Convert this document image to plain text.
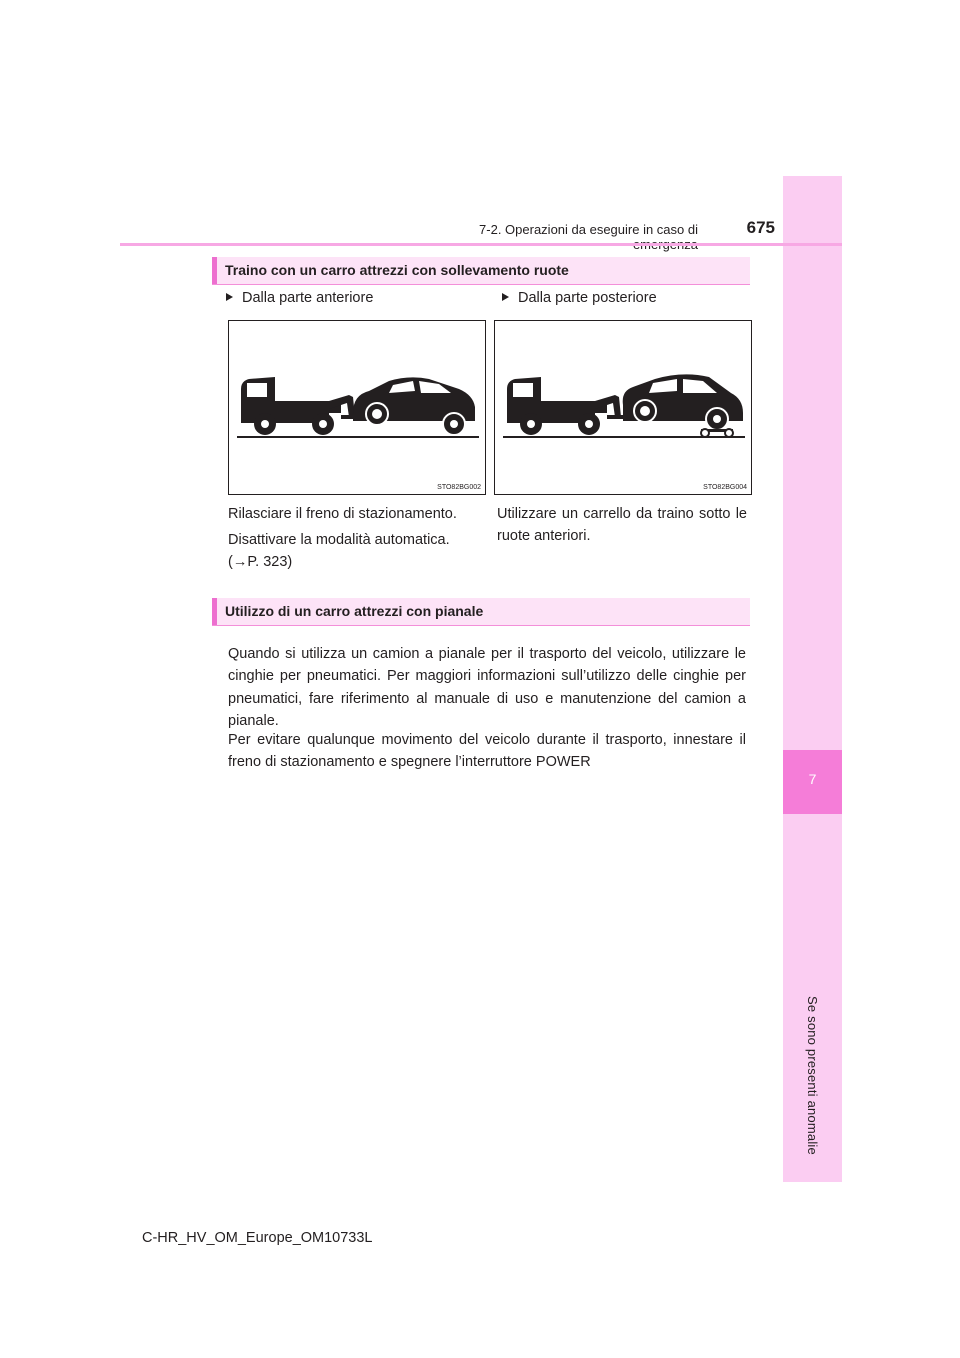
7
Se sono presenti anomalie
7-2. Operazioni da eseguire in caso di	675
Traino con un carro attrezzi con sollevamento ruote
Dalla parte anteriore	Dalla parte posteriore
STO82BG002	STO82BG004
Rilasciare il freno di stazionamento.
Disattivare la modalità automatica.
(→P. 323)
Utilizzare un carrello da traino sotto le ruote anteriori.
Utilizzo di un carro attrezzi con pianale
Quando si utilizza un camion a pianale per il trasporto del veicolo, utilizzare le cinghie per pneumatici. Per maggiori informazioni sull’utilizzo delle cinghie per pneumatici, fare riferimento al manuale di uso e manutenzione del camion a pianale.
Per evitare qualunque movimento del veicolo durante il trasporto, innestare il freno di stazionamento e spegnere l’interruttore POWER
C-HR_HV_OM_Europe_OM10733L
